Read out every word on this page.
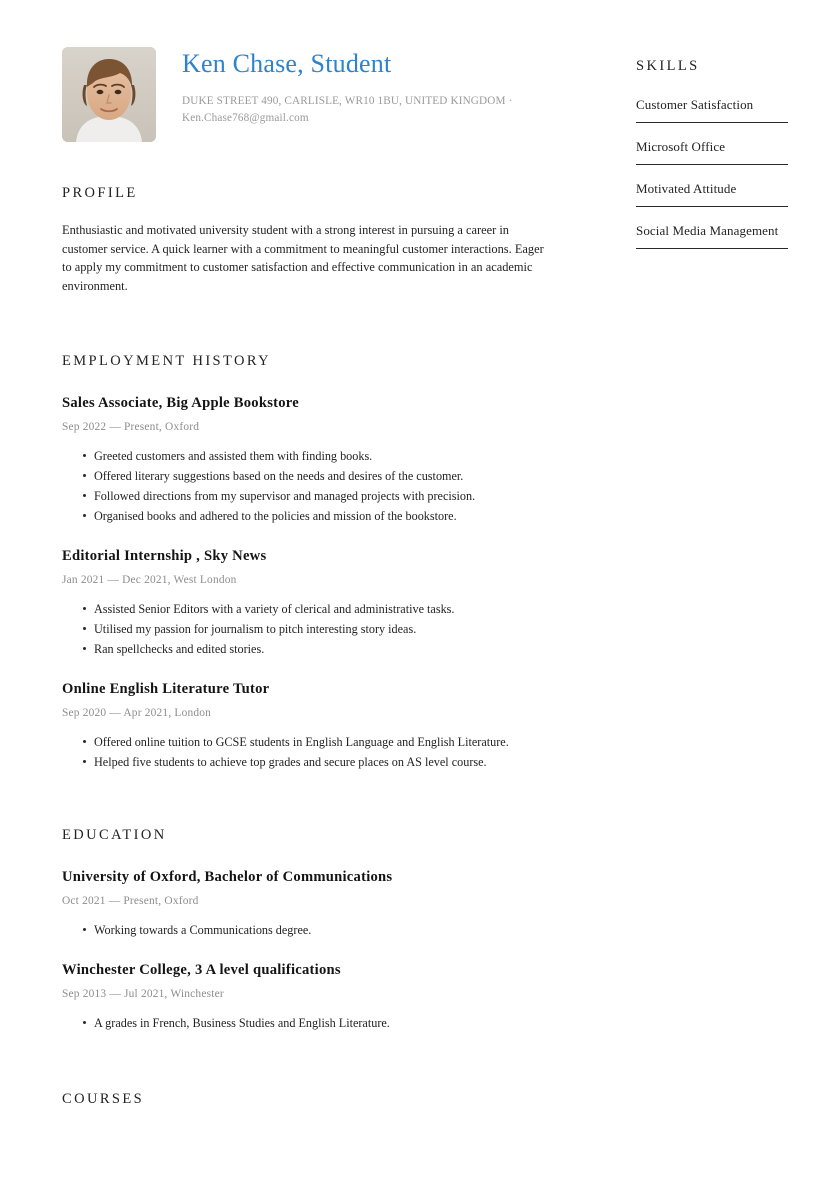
Ken Chase, Student
DUKE STREET 490, CARLISLE, WR10 1BU, UNITED KINGDOM ·
Ken.Chase768@gmail.com
PROFILE
Enthusiastic and motivated university student with a strong interest in pursuing a career in customer service. A quick learner with a commitment to meaningful customer interactions. Eager to apply my commitment to customer satisfaction and effective communication in an academic environment.
EMPLOYMENT HISTORY
Sales Associate, Big Apple Bookstore
Sep 2022 — Present, Oxford
Greeted customers and assisted them with finding books.
Offered literary suggestions based on the needs and desires of the customer.
Followed directions from my supervisor and managed projects with precision.
Organised books and adhered to the policies and mission of the bookstore.
Editorial Internship , Sky News
Jan 2021 — Dec 2021, West London
Assisted Senior Editors with a variety of clerical and administrative tasks.
Utilised my passion for journalism to pitch interesting story ideas.
Ran spellchecks and edited stories.
Online English Literature Tutor
Sep 2020 — Apr 2021, London
Offered online tuition to GCSE students in English Language and English Literature.
Helped five students to achieve top grades and secure places on AS level course.
EDUCATION
University of Oxford, Bachelor of Communications
Oct 2021 — Present, Oxford
Working towards a Communications degree.
Winchester College, 3 A level qualifications
Sep 2013 — Jul 2021, Winchester
A grades in French, Business Studies and English Literature.
COURSES
SKILLS
Customer Satisfaction
Microsoft Office
Motivated Attitude
Social Media Management
